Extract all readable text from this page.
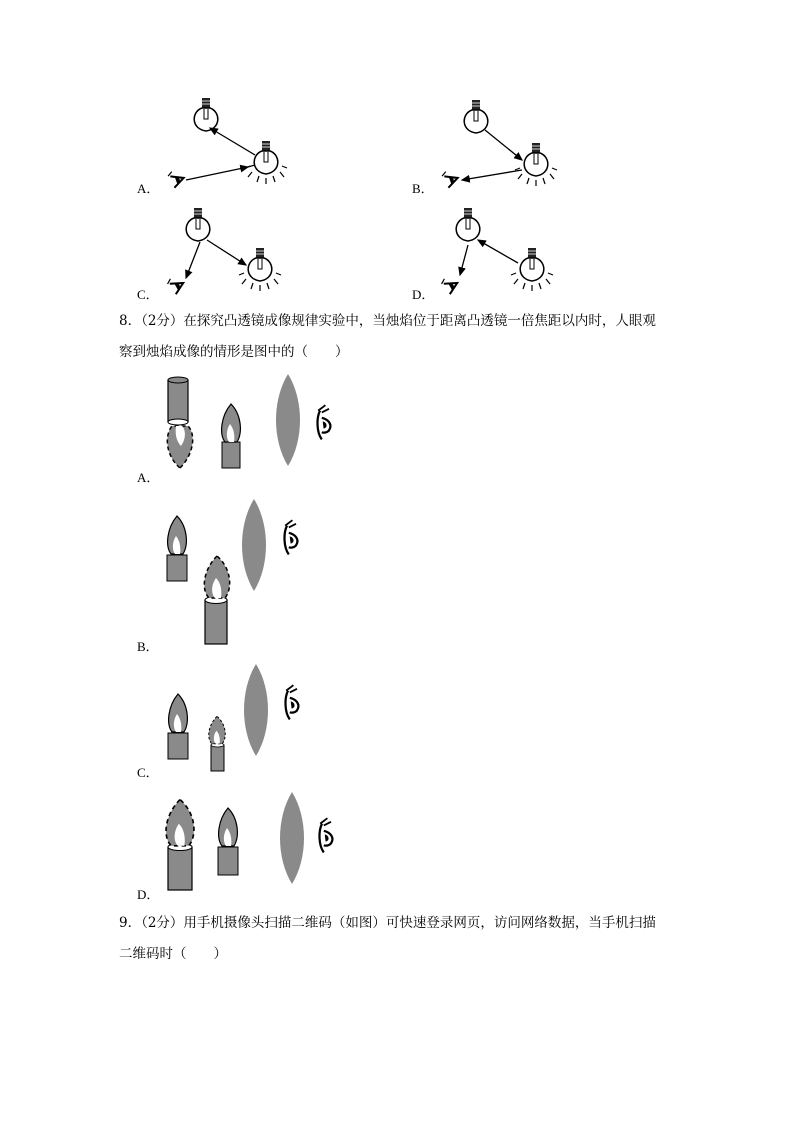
A．	B．
C．	D．
8．（2分）在探究凸透镜成像规律实验中，当烛焰位于距离凸透镜一倍焦距以内时，人眼观
察到烛焰成像的情形是图中的（　　）
A．
B．
C．
D．
9．（2分）用手机摄像头扫描二维码（如图）可快速登录网页，访问网络数据，当手机扫描
二维码时（　　）
